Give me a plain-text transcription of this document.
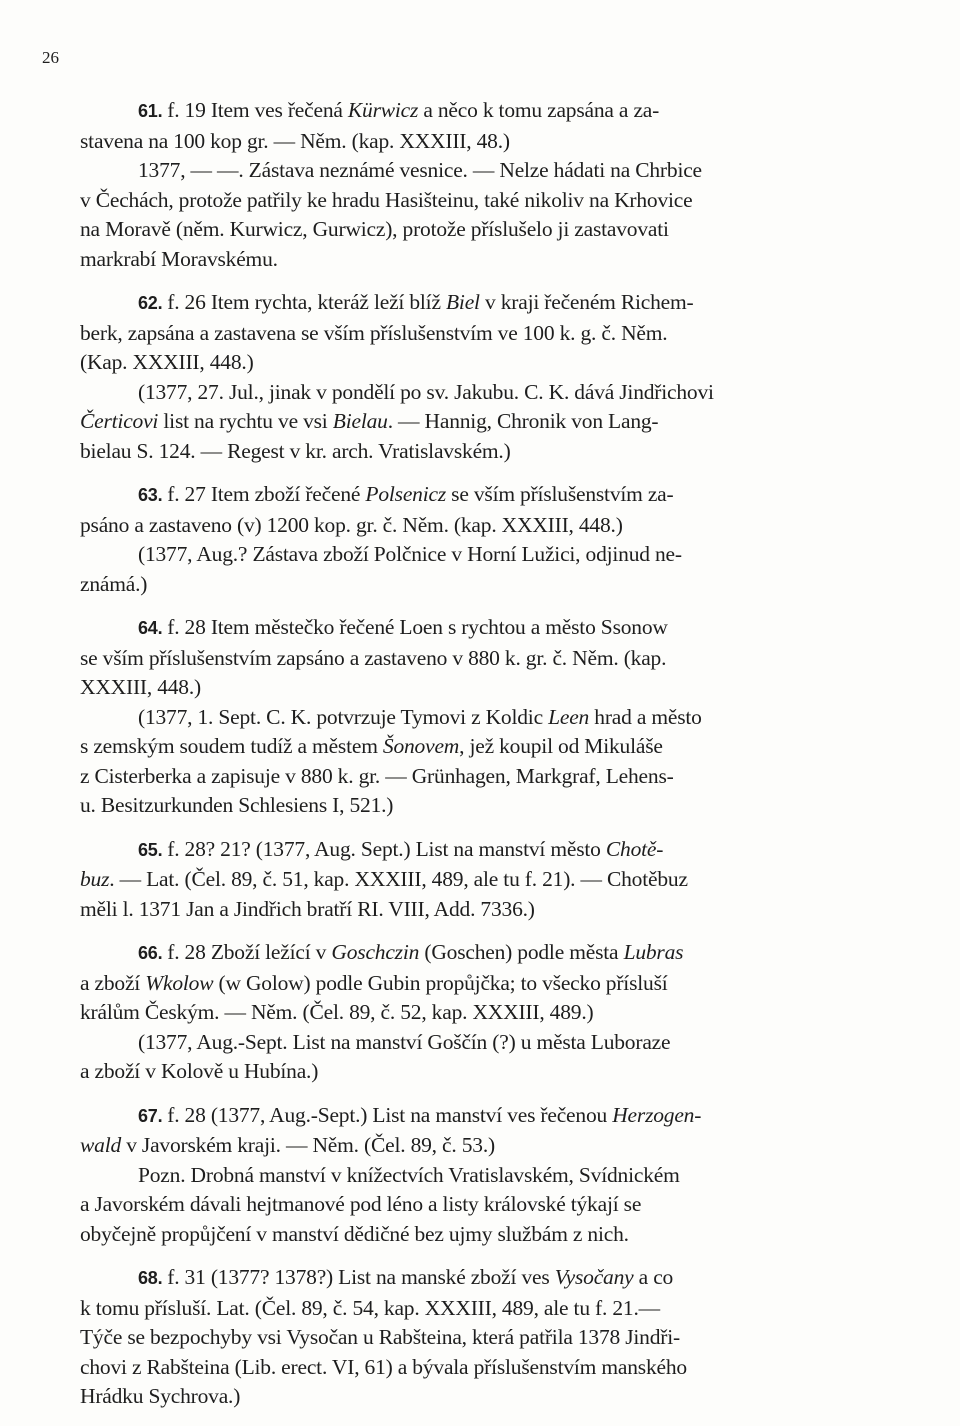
26
61. f. 19 Item ves řečená Kürwicz a něco k tomu zapsána a za-
stavena na 100 kop gr. — Něm. (kap. XXXIII, 48.)
1377, — —. Zástava neznámé vesnice. — Nelze hádati na Chrbice
v Čechách, protože patřily ke hradu Hasišteinu, také nikoliv na Krhovice
na Moravě (něm. Kurwicz, Gurwicz), protože příslušelo ji zastavovati
markrabí Moravskému.
62. f. 26 Item rychta, kteráž leží blíž Biel v kraji řečeném Richem-
berk, zapsána a zastavena se vším příslušenstvím ve 100 k. g. č. Něm.
(Kap. XXXIII, 448.)
(1377, 27. Jul., jinak v pondělí po sv. Jakubu. C. K. dává Jindřichovi
Čerticovi list na rychtu ve vsi Bielau. — Hannig, Chronik von Lang-
bielau S. 124. — Regest v kr. arch. Vratislavském.)
63. f. 27 Item zboží řečené Polsenicz se vším příslušenstvím za-
psáno a zastaveno (v) 1200 kop. gr. č. Něm. (kap. XXXIII, 448.)
(1377, Aug.? Zástava zboží Polčnice v Horní Lužici, odjinud ne-
známá.)
64. f. 28 Item městečko řečené Loen s rychtou a město Ssonow
se vším příslušenstvím zapsáno a zastaveno v 880 k. gr. č. Něm. (kap.
XXXIII, 448.)
(1377, 1. Sept. C. K. potvrzuje Tymovi z Koldic Leen hrad a město
s zemským soudem tudíž a městem Šonovem, jež koupil od Mikuláše
z Cisterberka a zapisuje v 880 k. gr. — Grünhagen, Markgraf, Lehens-
u. Besitzurkunden Schlesiens I, 521.)
65. f. 28? 21? (1377, Aug. Sept.) List na manství město Chotě-
buz. — Lat. (Čel. 89, č. 51, kap. XXXIII, 489, ale tu f. 21). — Chotěbuz
měli l. 1371 Jan a Jindřich bratří RI. VIII, Add. 7336.)
66. f. 28 Zboží ležící v Goschczin (Goschen) podle města Lubras
a zboží Wkolow (w Golow) podle Gubin propůjčka; to všecko přísluší
králům Českým. — Něm. (Čel. 89, č. 52, kap. XXXIII, 489.)
(1377, Aug.-Sept. List na manství Goščín (?) u města Luboraze
a zboží v Kolově u Hubína.)
67. f. 28 (1377, Aug.-Sept.) List na manství ves řečenou Herzogen-
wald v Javorském kraji. — Něm. (Čel. 89, č. 53.)
Pozn. Drobná manství v knížectvích Vratislavském, Svídnickém
a Javorském dávali hejtmanové pod léno a listy královské týkají se
obyčejně propůjčení v manství dědičné bez ujmy službám z nich.
68. f. 31 (1377? 1378?) List na manské zboží ves Vysočany a co
k tomu přísluší. Lat. (Čel. 89, č. 54, kap. XXXIII, 489, ale tu f. 21.—
Týče se bezpochyby vsi Vysočan u Rabšteina, která patřila 1378 Jindři-
chovi z Rabšteina (Lib. erect. VI, 61) a bývala příslušenstvím manského
Hrádku Sychrova.)
